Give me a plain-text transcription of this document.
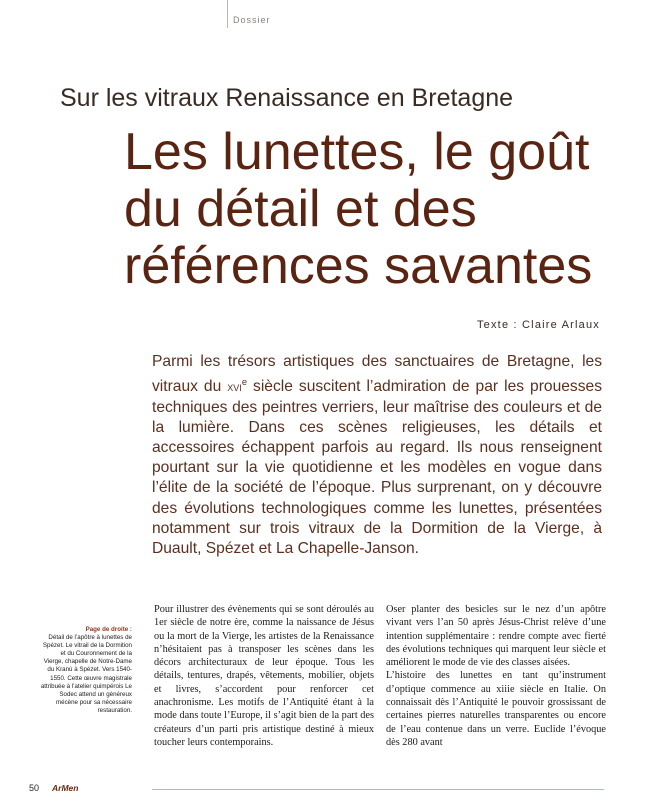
Dossier
Sur les vitraux Renaissance en Bretagne
Les lunettes, le goût du détail et des références savantes
Texte : Claire Arlaux
Parmi les trésors artistiques des sanctuaires de Bretagne, les vitraux du xvi$^e$ siècle suscitent l’admiration de par les prouesses techniques des peintres verriers, leur maîtrise des couleurs et de la lumière. Dans ces scènes religieuses, les détails et accessoires échappent parfois au regard. Ils nous renseignent pourtant sur la vie quotidienne et les modèles en vogue dans l’élite de la société de l’époque. Plus surprenant, on y découvre des évolutions technologiques comme les lunettes, présentées notamment sur trois vitraux de la Dormition de la Vierge, à Duault, Spézet et La Chapelle-Janson.
Page de droite :
Détail de l’apôtre à lunettes de Spézet. Le vitrail de la Dormition et du Couronnement de la Vierge, chapelle de Notre-Dame du Kranù à Spézet. Vers 1540-1550. Cette œuvre magistrale attribuée à l’atelier quimpérois Le Sodec attend un généreux mécène pour sa nécessaire restauration.

Pour illustrer des évènements qui se sont déroulés au 1er siècle de notre ère, comme la naissance de Jésus ou la mort de la Vierge, les artistes de la Renaissance n’hésitaient pas à transposer les scènes dans les décors architecturaux de leur époque. Tous les détails, tentures, drapés, vêtements, mobilier, objets et livres, s’accordent pour renforcer cet anachronisme. Les motifs de l’Antiquité étant à la mode dans toute l’Europe, il s’agit bien de la part des créateurs d’un parti pris artistique destiné à mieux toucher leurs contemporains.

Oser planter des besicles sur le nez d’un apôtre vivant vers l’an 50 après Jésus-Christ relève d’une intention supplémentaire : rendre compte avec fierté des évolutions techniques qui marquent leur siècle et améliorent le mode de vie des classes aisées.

L’histoire des lunettes en tant qu’instrument d’optique commence au xiiie siècle en Italie. On connaissait dès l’Antiquité le pouvoir grossissant de certaines pierres naturelles transparentes ou encore de l’eau contenue dans un verre. Euclide l’évoque dès 280 avant

50 ArMen
